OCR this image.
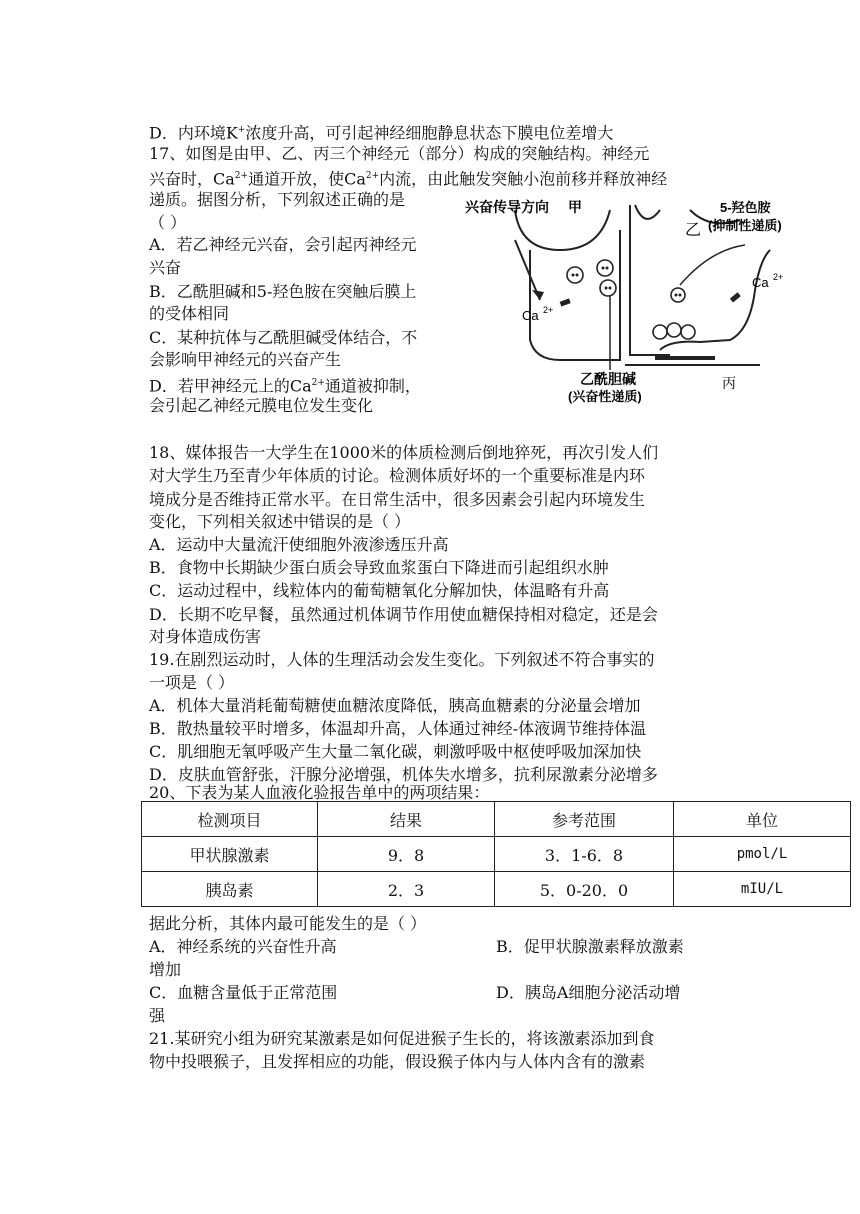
D．内环境K+浓度升高，可引起神经细胞静息状态下膜电位差增大
17、如图是由甲、乙、丙三个神经元（部分）构成的突触结构。神经元
兴奋时，$Ca^{2+}$通道开放，使$Ca^{2+}$内流，由此触发突触小泡前移并释放神经
递质。据图分析，下列叙述正确的是
（ ）
A．若乙神经元兴奋，会引起丙神经元
兴奋
B．乙酰胆碱和5-羟色胺在突触后膜上
的受体相同
C．某种抗体与乙酰胆碱受体结合，不
会影响甲神经元的兴奋产生
D．若甲神经元上的$Ca^{2+}$通道被抑制，
会引起乙神经元膜电位发生变化
兴奋传导方向 甲
乙
丙
5-羟色胺
(抑制性递质)
Ca 2+
Ca 2+
乙酰胆碱
(兴奋性递质)
18、媒体报告一大学生在1000米的体质检测后倒地猝死，再次引发人们
对大学生乃至青少年体质的讨论。检测体质好坏的一个重要标准是内环
境成分是否维持正常水平。在日常生活中，很多因素会引起内环境发生
变化，下列相关叙述中错误的是（ ）
A．运动中大量流汗使细胞外液渗透压升高
B．食物中长期缺少蛋白质会导致血浆蛋白下降进而引起组织水肿
C．运动过程中，线粒体内的葡萄糖氧化分解加快，体温略有升高
D．长期不吃早餐，虽然通过机体调节作用使血糖保持相对稳定，还是会
对身体造成伤害
19.在剧烈运动时，人体的生理活动会发生变化。下列叙述不符合事实的
一项是（ ）
A．机体大量消耗葡萄糖使血糖浓度降低，胰高血糖素的分泌量会增加
B．散热量较平时增多，体温却升高，人体通过神经-体液调节维持体温
C．肌细胞无氧呼吸产生大量二氧化碳，刺激呼吸中枢使呼吸加深加快
D．皮肤血管舒张，汗腺分泌增强，机体失水增多，抗利尿激素分泌增多
20、下表为某人血液化验报告单中的两项结果：
检测项目	结果	参考范围	单位
甲状腺激素	9．8	3．1-6．8	pmol/L
胰岛素	2．3	5．0-20．0	mIU/L
据此分析，其体内最可能发生的是（ ）
A．神经系统的兴奋性升高	B．促甲状腺激素释放激素
增加
C．血糖含量低于正常范围	D．胰岛A细胞分泌活动增
强
21.某研究小组为研究某激素是如何促进猴子生长的，将该激素添加到食
物中投喂猴子，且发挥相应的功能，假设猴子体内与人体内含有的激素
